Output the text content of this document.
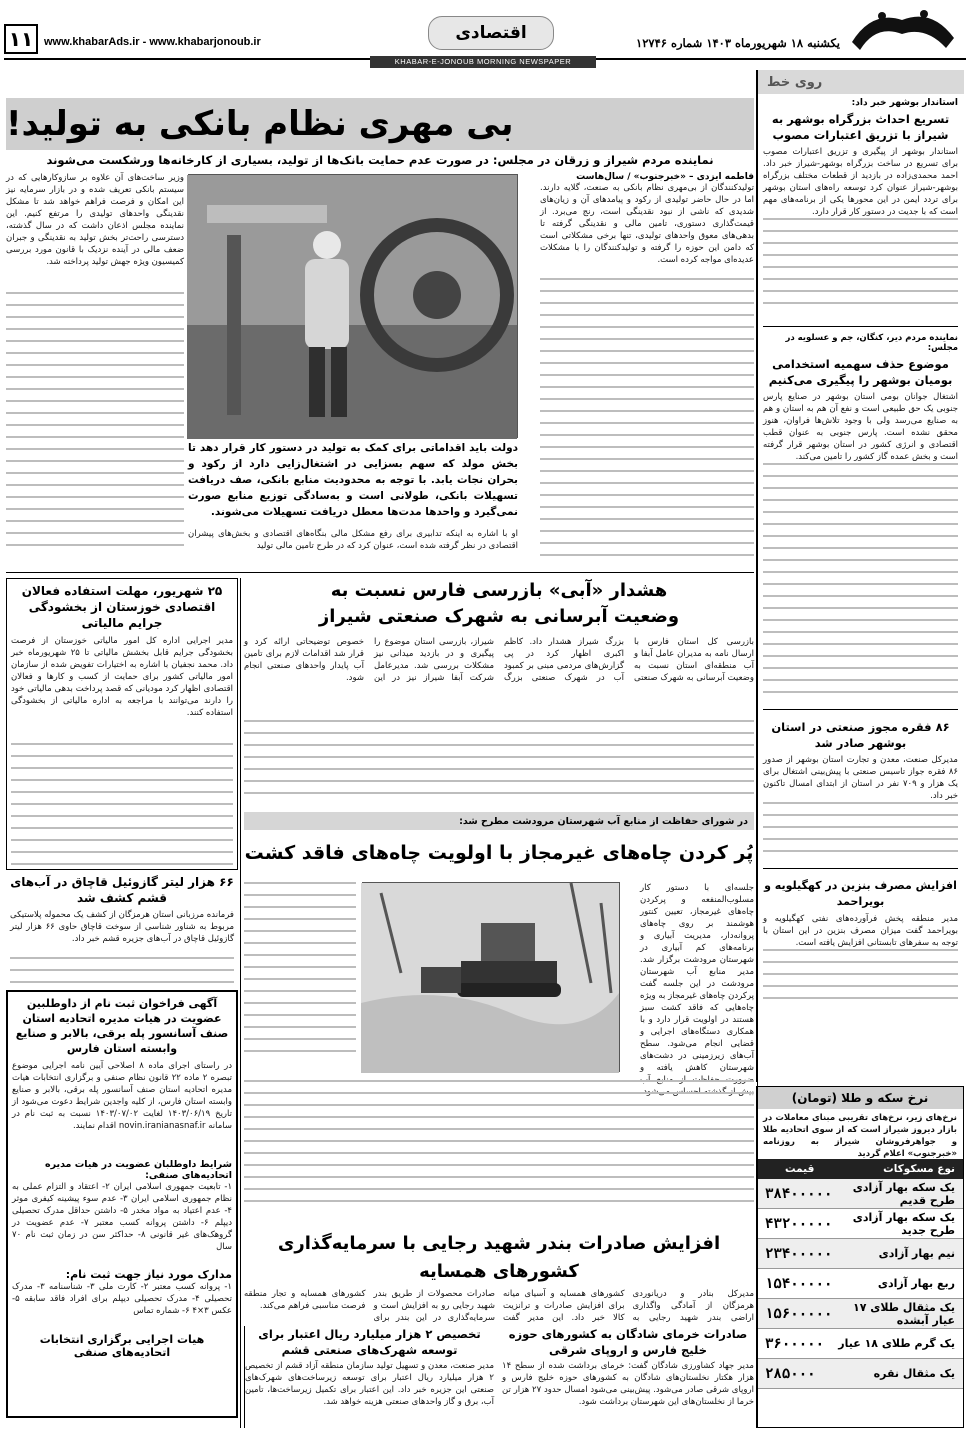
یکشنبه ۱۸ شهریورماه ۱۴۰۳ شماره ۱۲۷۴۶
اقتصادی
www.khabarAds.ir - www.khabarjonoub.ir
۱۱
KHABAR-E-JONOUB MORNING NEWSPAPER
روی خط
استاندار بوشهر خبر داد:
تسریع احداث بزرگراه بوشهر به شیراز با تزریق اعتبارات مصوب
استاندار بوشهر از پیگیری و تزریق اعتبارات مصوب برای تسریع در ساخت بزرگراه بوشهر-شیراز خبر داد. احمد محمدی‌زاده در بازدید از قطعات مختلف بزرگراه بوشهر-شیراز عنوان کرد توسعه راه‌های استان بوشهر برای تردد ایمن در این محورها یکی از برنامه‌های مهم است که با جدیت در دستور کار قرار دارد.
نماینده مردم دیر، کنگان، جم و عسلویه در مجلس:
موضوع حذف سهمیه استخدامی بومیان بوشهر را پیگیری می‌کنیم
اشتغال جوانان بومی استان بوشهر در صنایع پارس جنوبی یک حق طبیعی است و نفع آن هم به استان و هم به صنایع می‌رسد ولی با وجود تلاش‌ها فراوان، هنوز محقق نشده است. پارس جنوبی به عنوان قطب اقتصادی و انرژی کشور در استان بوشهر قرار گرفته است و بخش عمده گاز کشور را تامین می‌کند.
۸۶ فقره مجوز صنعتی در استان بوشهر صادر شد
مدیرکل صنعت، معدن و تجارت استان بوشهر از صدور ۸۶ فقره جواز تاسیس صنعتی با پیش‌بینی اشتغال برای یک هزار و ۷۰۹ نفر در استان از ابتدای امسال تاکنون خبر داد.
افزایش مصرف بنزین در کهگیلویه و بویراحمد
مدیر منطقه پخش فرآورده‌های نفتی کهگیلویه و بویراحمد گفت میزان مصرف بنزین در این استان با توجه به سفرهای تابستانی افزایش یافته است.
نرخ سکه و طلا (تومان)
نرخ‌های زیر، نرخ‌های تقریبی مبنای معاملات در بازار دیروز شیراز است که از سوی اتحادیه طلا و جواهرفروشان شیراز به روزنامه «خبرجنوب» اعلام گردید
نوع مسکوکات
قیمت
یک سکه بهار آزادی طرح قدیم
۳۸۴۰۰۰۰۰
یک سکه بهار آزادی طرح جدید
۴۳۲۰۰۰۰۰
نیم بهار آزادی
۲۳۴۰۰۰۰۰
ربع بهار آزادی
۱۵۴۰۰۰۰۰
یک مثقال طلای ۱۷ عیار آبشده
۱۵۶۰۰۰۰۰
یک گرم طلای ۱۸ عیار
۳۶۰۰۰۰۰
یک مثقال نقره
۲۸۵۰۰۰
بی مهری نظام بانکی به تولید!
نماینده مردم شیراز و زرقان در مجلس: در صورت عدم حمایت بانک‌ها از تولید، بسیاری از کارخانه‌ها ورشکست می‌شوند
فاطمه ایزدی – «خبرجنوب» / سال‌هاست
تولیدکنندگان از بی‌مهری نظام بانکی به صنعت، گلایه دارند. اما در حال حاضر تولیدی از رکود و پیامدهای آن و زیان‌های شدیدی که ناشی از نبود نقدینگی است، رنج می‌برد. از قیمت‌گذاری دستوری، تامین مالی و نقدینگی گرفته تا بدهی‌های معوق واحدهای تولیدی، تنها برخی مشکلاتی است که دامن این حوزه را گرفته و تولیدکنندگان را با مشکلات عدیده‌ای مواجه کرده است.
دولت باید اقداماتی برای کمک به تولید در دستور کار قرار دهد تا بخش مولد که سهم بسزایی در اشتغال‌زایی دارد از رکود و بحران نجات یابد. با توجه به محدودیت منابع بانکی، صف دریافت تسهیلات بانکی، طولانی است و به‌سادگی توزیع منابع صورت نمی‌گیرد و واحدها مدت‌ها معطل دریافت تسهیلات می‌شوند.
او با اشاره به اینکه تدابیری برای رفع مشکل مالی بنگاه‌های اقتصادی و بخش‌های پیشران اقتصادی در نظر گرفته شده است، عنوان کرد که در طرح تامین مالی تولید
وزیر ساخت‌های آن علاوه بر سازوکارهایی که در سیستم بانکی تعریف شده و در بازار سرمایه نیز این امکان و فرصت فراهم خواهد شد تا مشکل نقدینگی واحدهای تولیدی را مرتفع کنیم. این نماینده مجلس اذعان داشت که در سال گذشته، دسترسی راحت‌تر بخش تولید به نقدینگی و جبران ضعف مالی در آینده نزدیک با قانون مورد بررسی کمیسیون ویژه جهش تولید پرداخته شد.
۲۵ شهریور، مهلت استفاده فعالان اقتصادی خوزستان از بخشودگی جرایم مالیاتی
مدیر اجرایی اداره کل امور مالیاتی خوزستان از فرصت بخشودگی جرایم قابل بخشش مالیاتی تا ۲۵ شهریورماه خبر داد. محمد نجفیان با اشاره به اختیارات تفویض شده از سازمان امور مالیاتی کشور برای حمایت از کسب و کارها و فعالان اقتصادی اظهار کرد مودیانی که قصد پرداخت بدهی مالیاتی خود را دارند می‌توانند با مراجعه به اداره مالیاتی از بخشودگی استفاده کنند.
۶۶ هزار لیتر گازوئیل قاچاق در آب‌های قشم کشف شد
فرمانده مرزبانی استان هرمزگان از کشف یک محموله پلاستیکی مربوط به شناور شناسی از سوخت قاچاق حاوی ۶۶ هزار لیتر گازوئیل قاچاق در آب‌های جزیره قشم خبر داد.
آگهی فراخوان ثبت نام از داوطلبین عضویت در هیات مدیره اتحادیه استان صنف آسانسور پله برقی، بالابر و صنایع وابسته استان فارس
در راستای اجرای ماده ۸ اصلاحی آیین نامه اجرایی موضوع تبصره ۲ ماده ۲۲ قانون نظام صنفی و برگزاری انتخابات هیات مدیره اتحادیه استان صنف آسانسور پله برقی، بالابر و صنایع وابسته استان فارس، از کلیه واجدین شرایط دعوت می‌شود از تاریخ ۱۴۰۳/۰۶/۱۹ لغایت ۱۴۰۳/۰۷/۰۲ نسبت به ثبت نام در سامانه novin.iranianasnaf.ir اقدام نمایند.
شرایط داوطلبان عضویت در هیات مدیره اتحادیه‌های صنفی:
۱- تابعیت جمهوری اسلامی ایران ۲- اعتقاد و التزام عملی به نظام جمهوری اسلامی ایران ۳- عدم سوء پیشینه کیفری موثر ۴- عدم اعتیاد به مواد مخدر ۵- داشتن حداقل مدرک تحصیلی دیپلم ۶- داشتن پروانه کسب معتبر ۷- عدم عضویت در گروهک‌های غیر قانونی ۸- حداکثر سن در زمان ثبت نام ۷۰ سال
مدارک مورد نیاز جهت ثبت نام:
۱- پروانه کسب معتبر ۲- کارت ملی ۳- شناسنامه ۳- مدرک تحصیلی ۴- مدرک تحصیلی دیپلم برای افراد فاقد سابقه ۵- عکس ۳×۴ ۶- شماره تماس
هیات اجرایی برگزاری انتخابات اتحادیه‌های صنفی
هشدار «آبی» بازرسی فارس نسبت به وضعیت آبرسانی به شهرک صنعتی شیراز
بازرسی کل استان فارس با ارسال نامه به مدیران عامل آبفا و آب منطقه‌ای استان نسبت به وضعیت آبرسانی به شهرک صنعتی بزرگ شیراز هشدار داد. کاظم اکبری اظهار کرد در پی گزارش‌های مردمی مبنی بر کمبود آب در شهرک صنعتی بزرگ شیراز، بازرسی استان موضوع را پیگیری و در بازدید میدانی نیز مشکلات بررسی شد. مدیرعامل شرکت آبفا شیراز نیز در این خصوص توضیحاتی ارائه کرد و قرار شد اقدامات لازم برای تامین آب پایدار واحدهای صنعتی انجام شود.
در شورای حفاظت از منابع آب شهرستان مرودشت مطرح شد:
پُر کردن چاه‌های غیرمجاز با اولویت چاه‌های فاقد کشت
جلسه‌ای با دستور کار مسلوب‌المنفعه و پرکردن چاه‌های غیرمجاز، تعیین کنتور هوشمند بر روی چاه‌های پروانه‌دار، مدیریت آبیاری و برنامه‌های کم آبیاری در شهرستان مرودشت برگزار شد. مدیر منابع آب شهرستان مرودشت در این جلسه گفت پرکردن چاه‌های غیرمجاز به ویژه چاه‌هایی که فاقد کشت سبز هستند در اولویت قرار دارد و با همکاری دستگاه‌های اجرایی و قضایی انجام می‌شود. سطح آب‌های زیرزمینی در دشت‌های شهرستان کاهش یافته و
افزایش صادرات بندر شهید رجایی با سرمایه‌گذاری کشورهای همسایه
مدیرکل بنادر و دریانوردی هرمزگان از آمادگی واگذاری اراضی بندر شهید رجایی به کشورهای همسایه و آسیای میانه برای افزایش صادرات و ترانزیت کالا خبر داد. این مدیر گفت صادرات محصولات از طریق بندر شهید رجایی رو به افزایش است و سرمایه‌گذاری در این بندر برای کشورهای همسایه و تجار منطقه فرصت مناسبی فراهم می‌کند.
صادرات خرمای شادگان به کشورهای حوزه خلیج فارس و اروپای شرقی
مدیر جهاد کشاورزی شادگان گفت: خرمای برداشت شده از سطح ۱۴ هزار هکتار نخلستان‌های شادگان به کشورهای حوزه خلیج فارس و اروپای شرقی صادر می‌شود. پیش‌بینی می‌شود امسال حدود ۲۷ هزار تن خرما از نخلستان‌های این شهرستان برداشت شود.
تخصیص ۲ هزار میلیارد ریال اعتبار برای توسعه شهرک‌های صنعتی قشم
مدیر صنعت، معدن و تسهیل تولید سازمان منطقه آزاد قشم از تخصیص ۲ هزار میلیارد ریال اعتبار برای توسعه زیرساخت‌های شهرک‌های صنعتی این جزیره خبر داد. این اعتبار برای تکمیل زیرساخت‌ها، تامین آب، برق و گاز واحدهای صنعتی هزینه خواهد شد.
